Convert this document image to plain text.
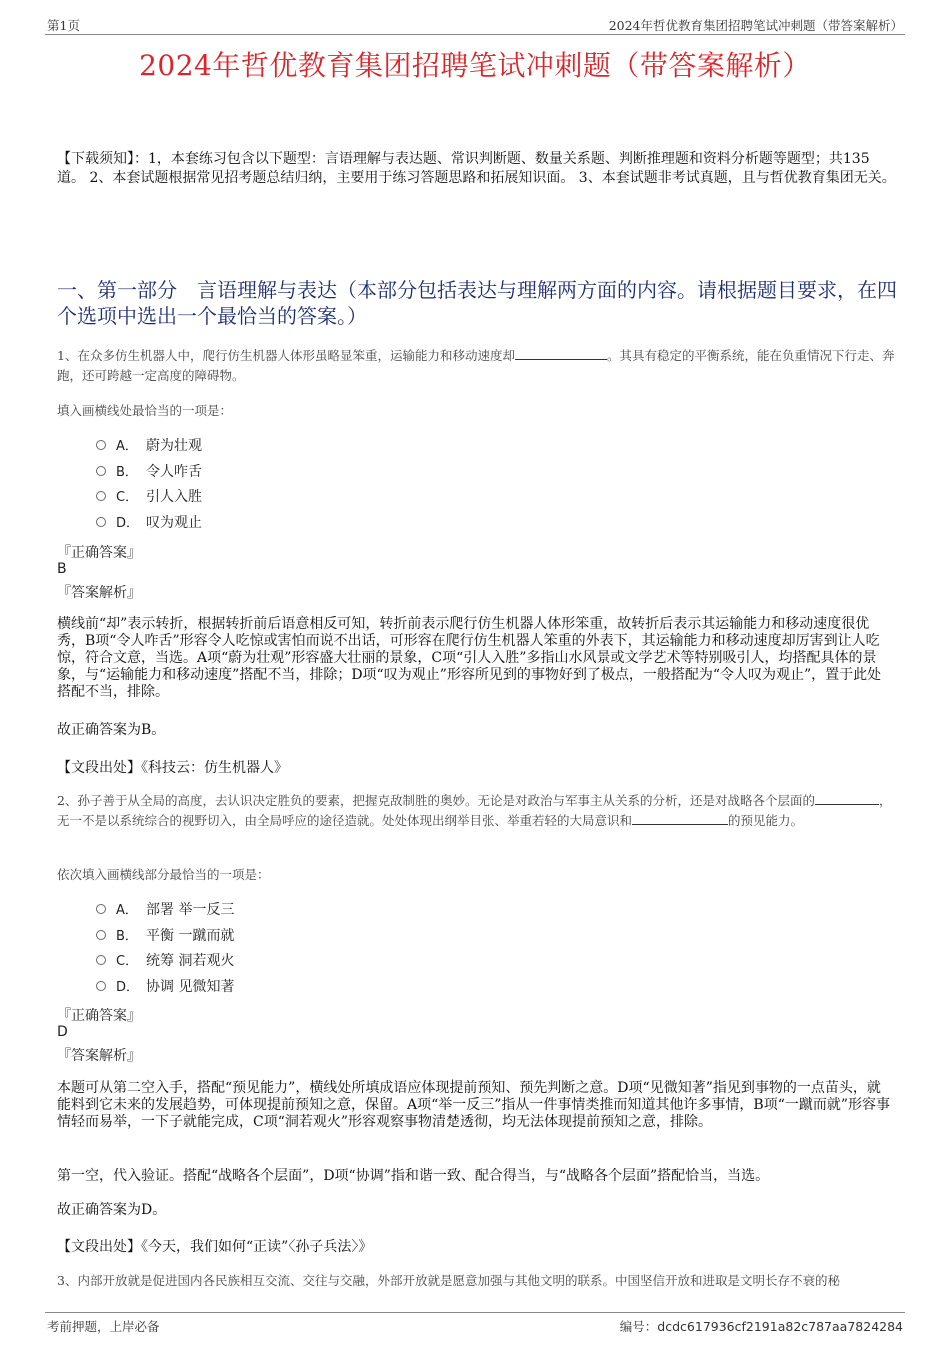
第1页	2024年哲优教育集团招聘笔试冲刺题（带答案解析）
2024年哲优教育集团招聘笔试冲刺题（带答案解析）
【下载须知】：1，本套练习包含以下题型：言语理解与表达题、常识判断题、数量关系题、判断推理题和资料分析题等题型；共135道。 2、本套试题根据常见招考题总结归纳，主要用于练习答题思路和拓展知识面。 3、本套试题非考试真题，且与哲优教育集团无关。
一、第一部分　言语理解与表达（本部分包括表达与理解两方面的内容。请根据题目要求，在四个选项中选出一个最恰当的答案。）
1、在众多仿生机器人中，爬行仿生机器人体形虽略显笨重，运输能力和移动速度却	。其具有稳定的平衡系统，能在负重情况下行走、奔跑，还可跨越一定高度的障碍物。
填入画横线处最恰当的一项是：
A． 蔚为壮观
B． 令人咋舌
C． 引人入胜
D． 叹为观止
『正确答案』
B
『答案解析』
横线前“却”表示转折，根据转折前后语意相反可知，转折前表示爬行仿生机器人体形笨重，故转折后表示其运输能力和移动速度很优秀，B项“令人咋舌”形容令人吃惊或害怕而说不出话，可形容在爬行仿生机器人笨重的外表下，其运输能力和移动速度却厉害到让人吃惊，符合文意，当选。A项“蔚为壮观”形容盛大壮丽的景象，C项“引人入胜”多指山水风景或文学艺术等特别吸引人，均搭配具体的景象，与“运输能力和移动速度”搭配不当，排除；D项“叹为观止”形容所见到的事物好到了极点，一般搭配为“令人叹为观止”，置于此处搭配不当，排除。
故正确答案为B。
【文段出处】《科技云：仿生机器人》
2、孙子善于从全局的高度，去认识决定胜负的要素，把握克敌制胜的奥妙。无论是对政治与军事主从关系的分析，还是对战略各个层面的	，无一不是以系统综合的视野切入，由全局呼应的途径造就。处处体现出纲举目张、举重若轻的大局意识和	的预见能力。
依次填入画横线部分最恰当的一项是：
A． 部署 举一反三
B． 平衡 一蹴而就
C． 统筹 洞若观火
D． 协调 见微知著
『正确答案』
D
『答案解析』
本题可从第二空入手，搭配“预见能力”，横线处所填成语应体现提前预知、预先判断之意。D项“见微知著”指见到事物的一点苗头，就能料到它未来的发展趋势，可体现提前预知之意，保留。A项“举一反三”指从一件事情类推而知道其他许多事情，B项“一蹴而就”形容事情轻而易举，一下子就能完成，C项“洞若观火”形容观察事物清楚透彻，均无法体现提前预知之意，排除。
第一空，代入验证。搭配“战略各个层面”，D项“协调”指和谐一致、配合得当，与“战略各个层面”搭配恰当，当选。
故正确答案为D。
【文段出处】《今天，我们如何“正读”〈孙子兵法〉》
3、内部开放就是促进国内各民族相互交流、交往与交融，外部开放就是愿意加强与其他文明的联系。中国坚信开放和进取是文明长存不衰的秘
考前押题，上岸必备	编号：dcdc617936cf2191a82c787aa7824284
